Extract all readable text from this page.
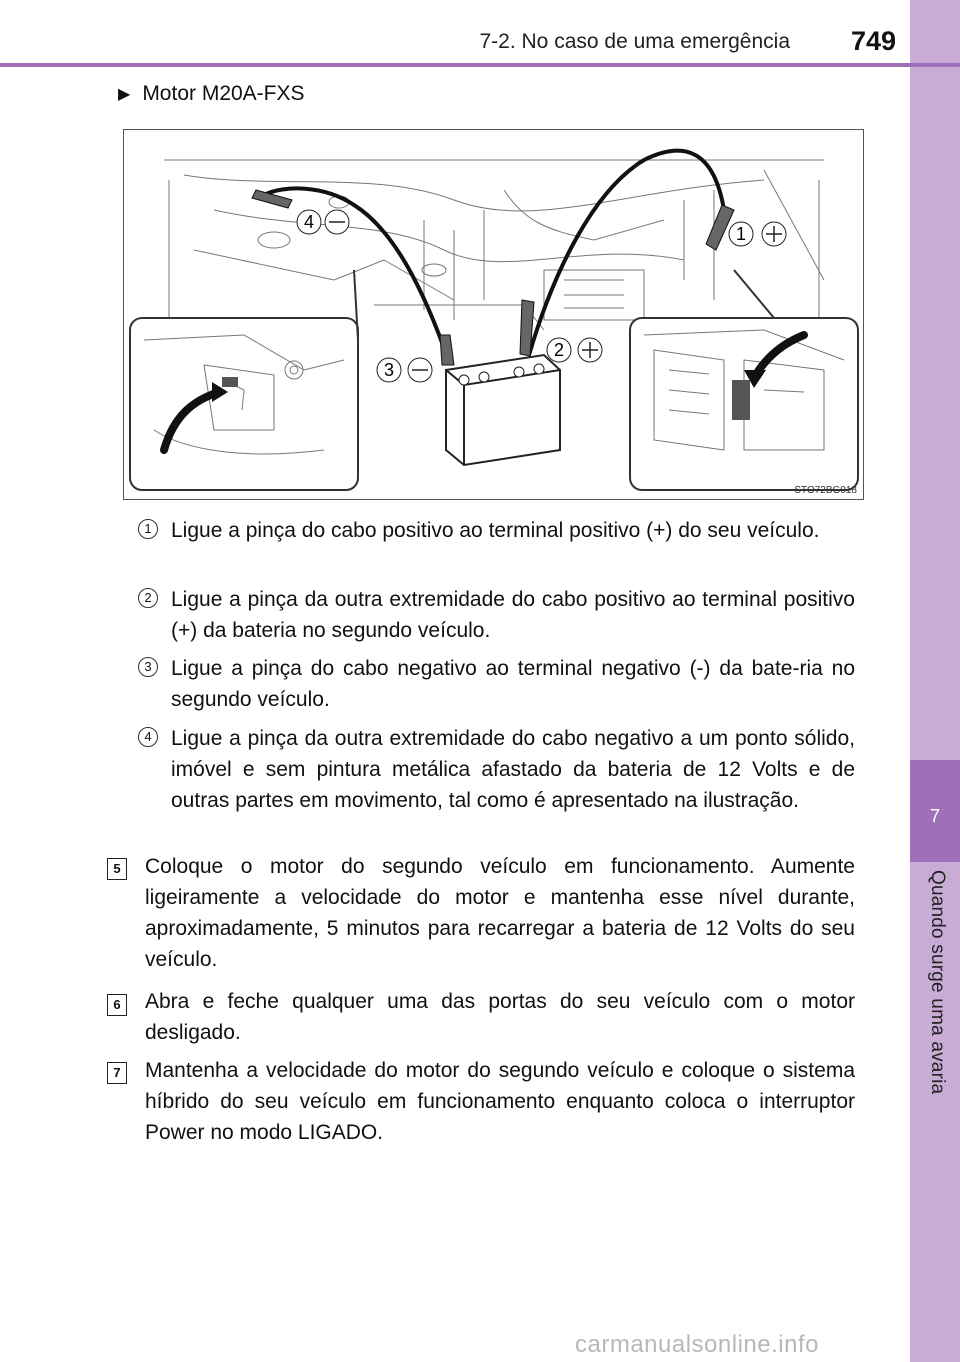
7
Quando surge uma avaria
7-2. No caso de uma emergência	749
▶ Motor M20A-FXS
4
1
2
3
STO72BG018
1 Ligue a pinça do cabo positivo ao terminal positivo (+) do seu veículo.
2 Ligue a pinça da outra extremidade do cabo positivo ao terminal positivo (+) da bateria no segundo veículo.
3 Ligue a pinça do cabo negativo ao terminal negativo (-) da bate-ria no segundo veículo.
4 Ligue a pinça da outra extremidade do cabo negativo a um ponto sólido, imóvel e sem pintura metálica afastado da bateria de 12 Volts e de outras partes em movimento, tal como é apresentado na ilustração.
5	Coloque o motor do segundo veículo em funcionamento. Aumente ligeiramente a velocidade do motor e mantenha esse nível durante, aproximadamente, 5 minutos para recarregar a bateria de 12 Volts do seu veículo.
6	Abra e feche qualquer uma das portas do seu veículo com o motor desligado.
7	Mantenha a velocidade do motor do segundo veículo e coloque o sistema híbrido do seu veículo em funcionamento enquanto coloca o interruptor Power no modo LIGADO.
carmanualsonline.info
